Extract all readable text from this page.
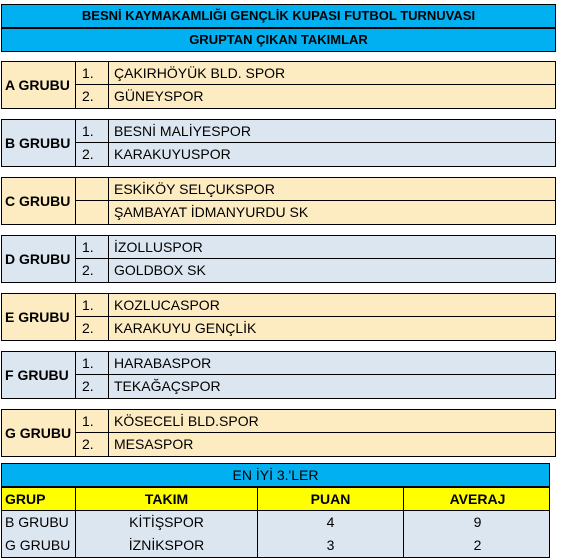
BESNİ KAYMAKAMLIĞI GENÇLİK KUPASI FUTBOL TURNUVASI
GRUPTAN ÇIKAN TAKIMLAR
A GRUBU
1.	ÇAKIRHÖYÜK BLD. SPOR
2.	GÜNEYSPOR
B GRUBU
1.	BESNİ MALİYESPOR
2.	KARAKUYUSPOR
C GRUBU
ESKİKÖY SELÇUKSPOR
ŞAMBAYAT İDMANYURDU SK
D GRUBU
1.	İZOLLUSPOR
2.	GOLDBOX SK
E GRUBU
1.	KOZLUCASPOR
2.	KARAKUYU GENÇLİK
F GRUBU
1.	HARABASPOR
2.	TEKAĞAÇSPOR
G GRUBU
1.	KÖSECELİ BLD.SPOR
2.	MESASPOR
EN İYİ 3.'LER
GRUP	TAKIM	PUAN	AVERAJ
B GRUBU	KİTİŞSPOR	4	9
G GRUBU	İZNİKSPOR	3	2
